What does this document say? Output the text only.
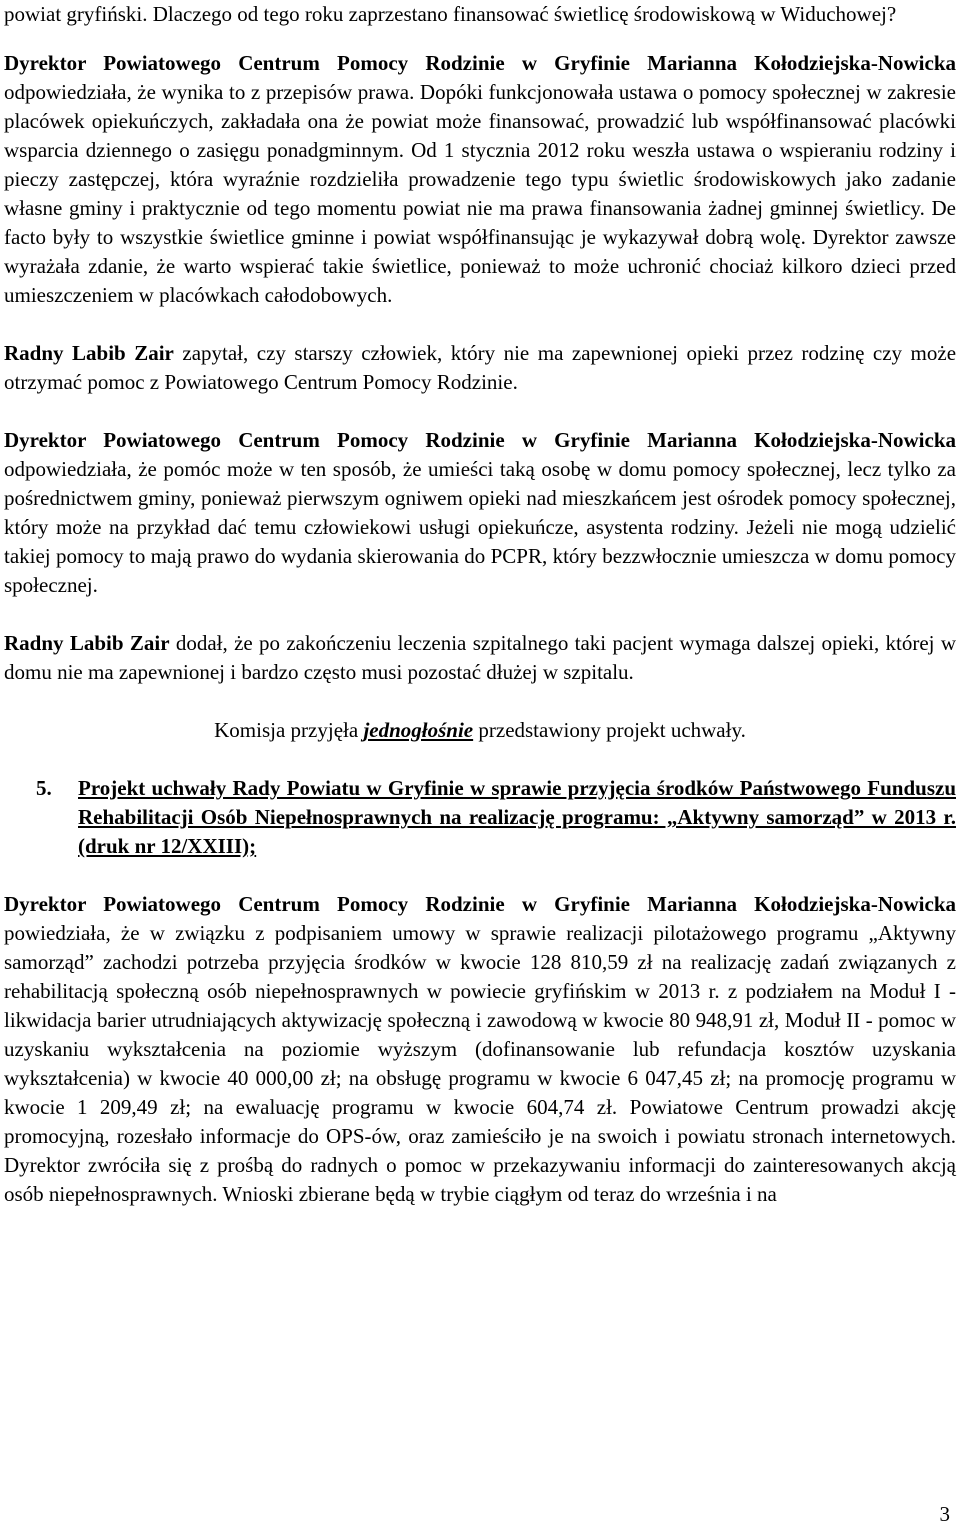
powiat gryfiński. Dlaczego od tego roku zaprzestano finansować świetlicę środowiskową w Widuchowej?

Dyrektor Powiatowego Centrum Pomocy Rodzinie w Gryfinie Marianna Kołodziejska-Nowicka odpowiedziała, że wynika to z przepisów prawa. Dopóki funkcjonowała ustawa o pomocy społecznej w zakresie placówek opiekuńczych, zakładała ona że powiat może finansować, prowadzić lub współfinansować placówki wsparcia dziennego o zasięgu ponadgminnym. Od 1 stycznia 2012 roku weszła ustawa o wspieraniu rodziny i pieczy zastępczej, która wyraźnie rozdzieliła prowadzenie tego typu świetlic środowiskowych jako zadanie własne gminy i praktycznie od tego momentu powiat nie ma prawa finansowania żadnej gminnej świetlicy. De facto były to wszystkie świetlice gminne i powiat współfinansując je wykazywał dobrą wolę. Dyrektor zawsze wyrażała zdanie, że warto wspierać takie świetlice, ponieważ to może uchronić chociaż kilkoro dzieci przed umieszczeniem w placówkach całodobowych.

Radny Labib Zair zapytał, czy starszy człowiek, który nie ma zapewnionej opieki przez rodzinę czy może otrzymać pomoc z Powiatowego Centrum Pomocy Rodzinie.

Dyrektor Powiatowego Centrum Pomocy Rodzinie w Gryfinie Marianna Kołodziejska-Nowicka odpowiedziała, że pomóc może w ten sposób, że umieści taką osobę w domu pomocy społecznej, lecz tylko za pośrednictwem gminy, ponieważ pierwszym ogniwem opieki nad mieszkańcem jest ośrodek pomocy społecznej, który może na przykład dać temu człowiekowi usługi opiekuńcze, asystenta rodziny. Jeżeli nie mogą udzielić takiej pomocy to mają prawo do wydania skierowania do PCPR, który bezzwłocznie umieszcza w domu pomocy społecznej.

Radny Labib Zair dodał, że po zakończeniu leczenia szpitalnego taki pacjent wymaga dalszej opieki, której w domu nie ma zapewnionej i bardzo często musi pozostać dłużej w szpitalu.

Komisja przyjęła jednogłośnie przedstawiony projekt uchwały.

5.	Projekt uchwały Rady Powiatu w Gryfinie w sprawie przyjęcia środków Państwowego Funduszu Rehabilitacji Osób Niepełnosprawnych na realizację programu: „Aktywny samorząd” w 2013 r. (druk nr 12/XXIII);

Dyrektor Powiatowego Centrum Pomocy Rodzinie w Gryfinie Marianna Kołodziejska-Nowicka powiedziała, że w związku z podpisaniem umowy w sprawie realizacji pilotażowego programu „Aktywny samorząd” zachodzi potrzeba przyjęcia środków w kwocie 128 810,59 zł na realizację zadań związanych z rehabilitacją społeczną osób niepełnosprawnych w powiecie gryfińskim w 2013 r. z podziałem na Moduł I - likwidacja barier utrudniających aktywizację społeczną i zawodową w kwocie 80 948,91 zł, Moduł II - pomoc w uzyskaniu wykształcenia na poziomie wyższym (dofinansowanie lub refundacja kosztów uzyskania wykształcenia) w kwocie 40 000,00 zł; na obsługę programu w kwocie 6 047,45 zł; na promocję programu w kwocie 1 209,49 zł; na ewaluację programu w kwocie 604,74 zł. Powiatowe Centrum prowadzi akcję promocyjną, rozesłało informacje do OPS-ów, oraz zamieściło je na swoich i powiatu stronach internetowych. Dyrektor zwróciła się z prośbą do radnych o pomoc w przekazywaniu informacji do zainteresowanych akcją osób niepełnosprawnych. Wnioski zbierane będą w trybie ciągłym od teraz do września i na

3
